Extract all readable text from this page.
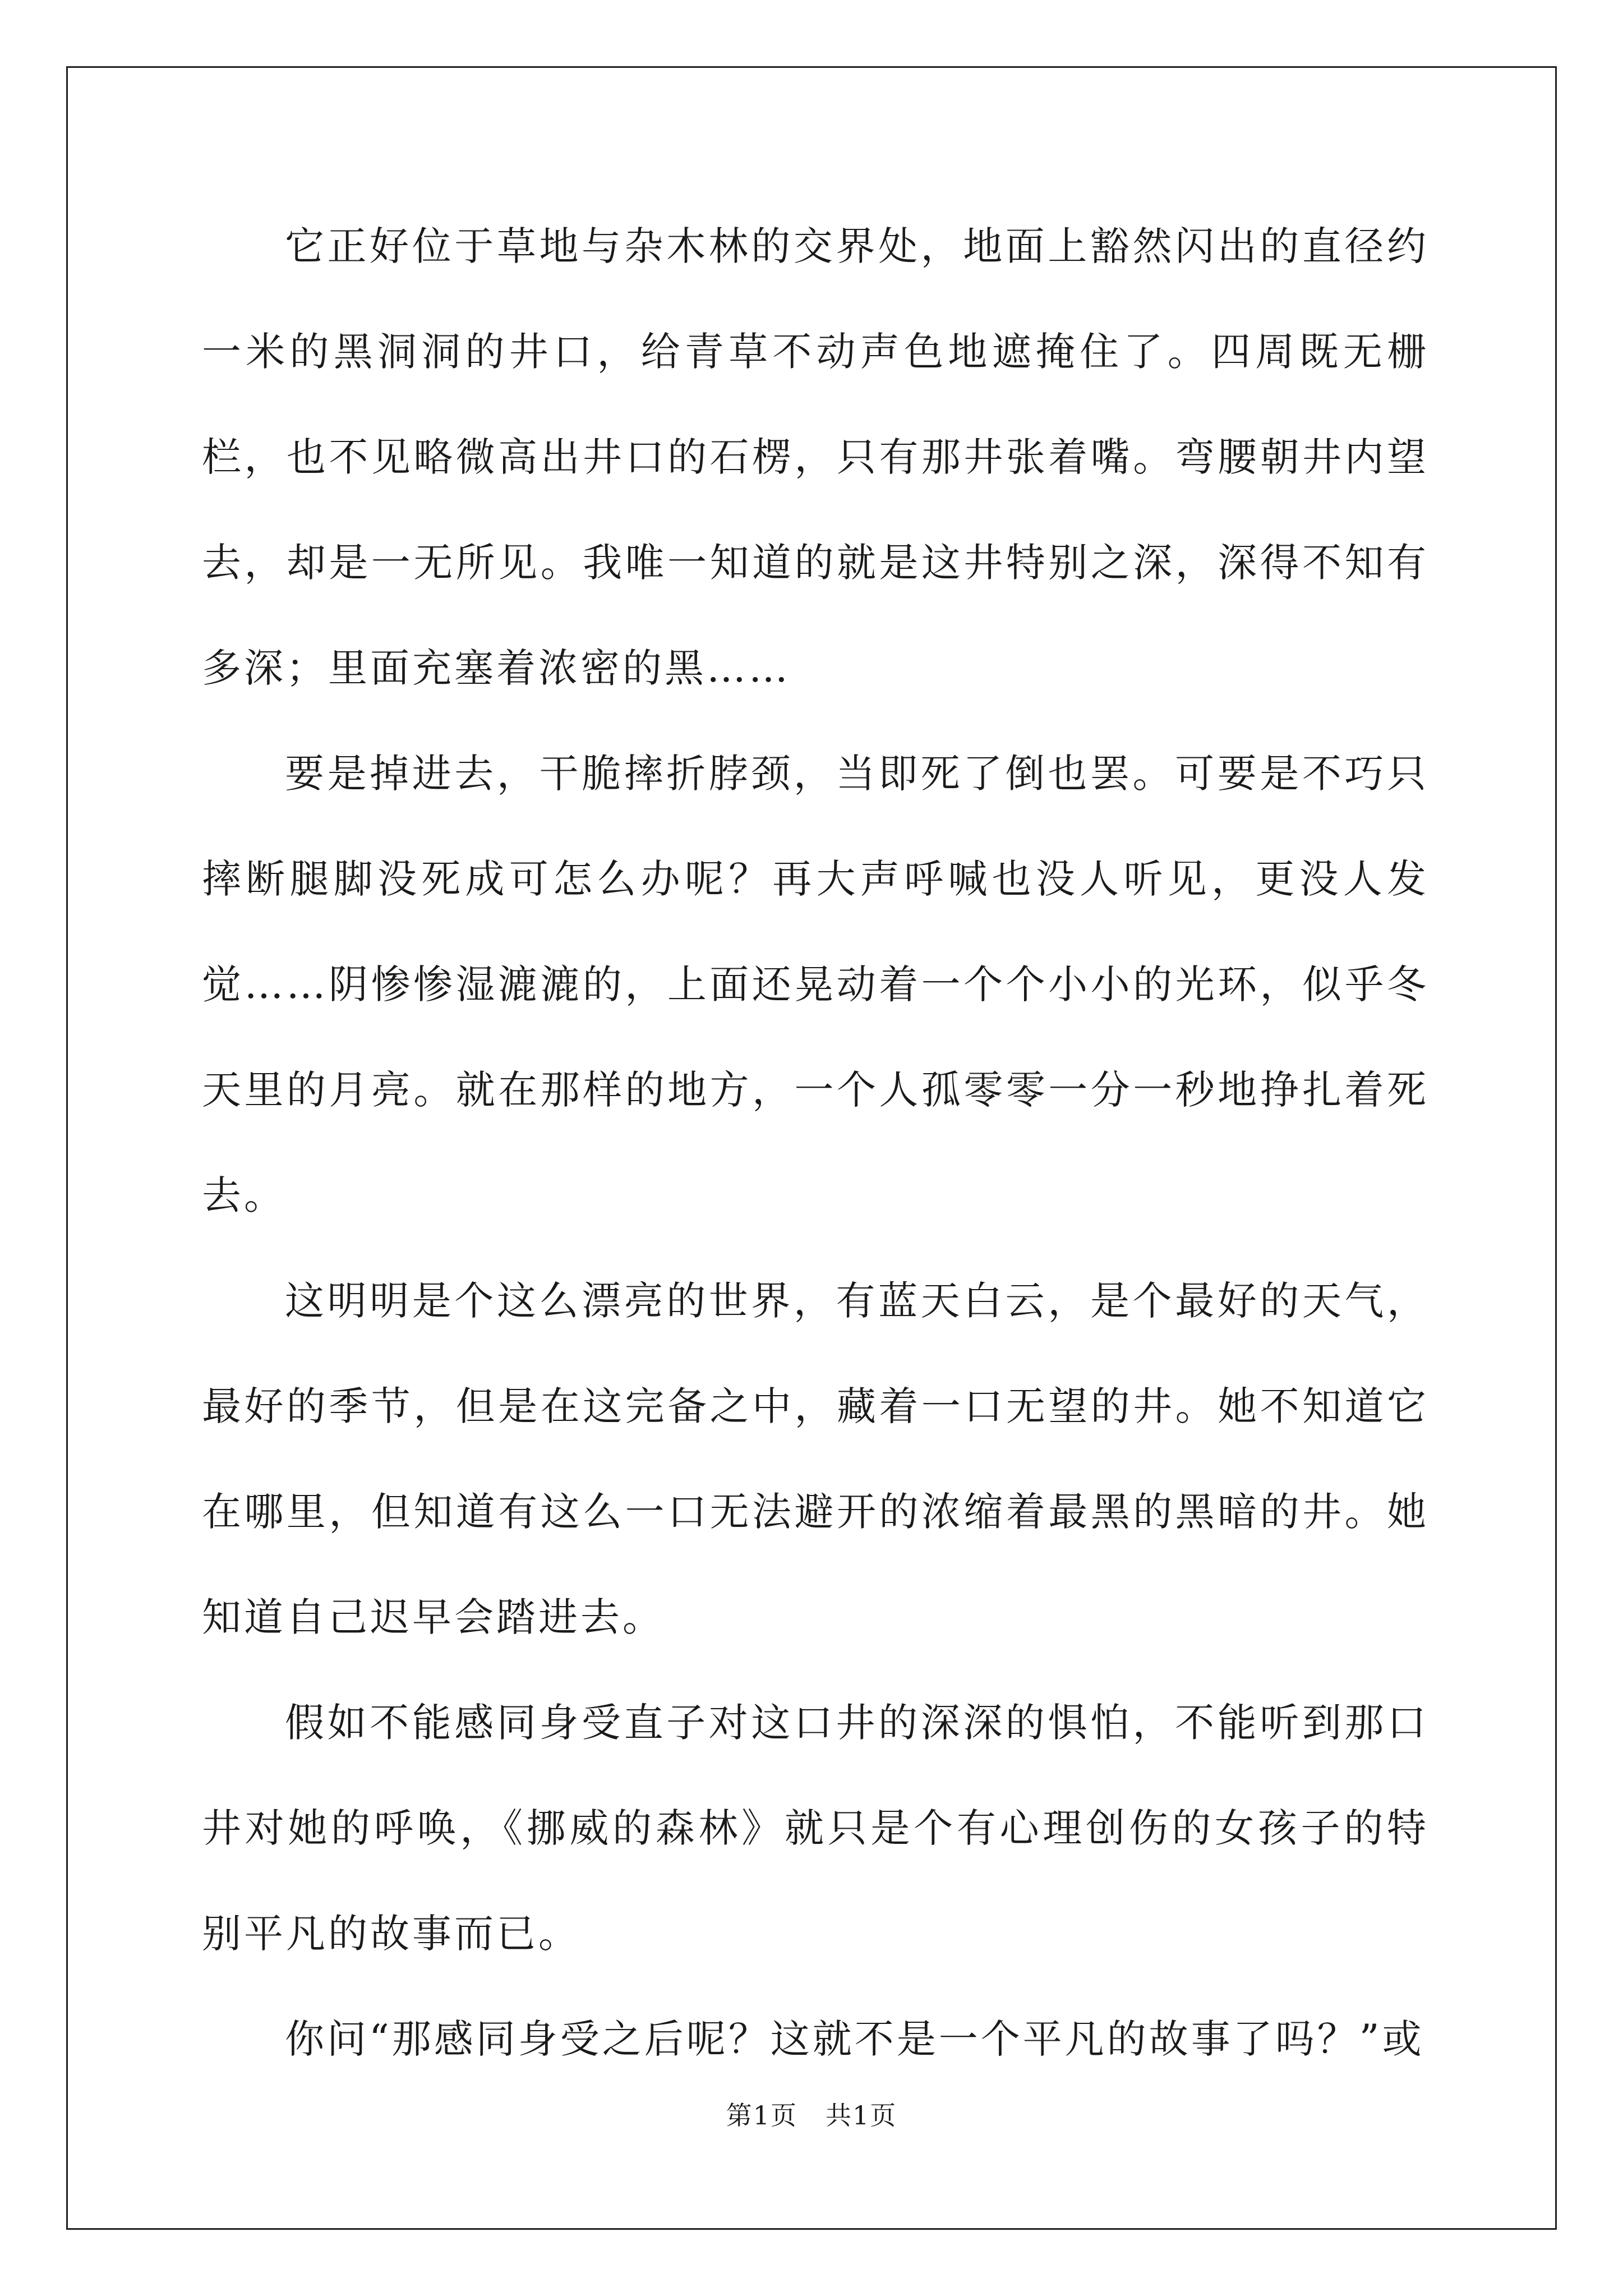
它正好位于草地与杂木林的交界处，地面上豁然闪出的直径约一米的黑洞洞的井口，给青草不动声色地遮掩住了。四周既无栅栏，也不见略微高出井口的石楞，只有那井张着嘴。弯腰朝井内望去，却是一无所见。我唯一知道的就是这井特别之深，深得不知有多深；里面充塞着浓密的黑……

要是掉进去，干脆摔折脖颈，当即死了倒也罢。可要是不巧只摔断腿脚没死成可怎么办呢？再大声呼喊也没人听见，更没人发觉……阴惨惨湿漉漉的，上面还晃动着一个个小小的光环，似乎冬天里的月亮。就在那样的地方，一个人孤零零一分一秒地挣扎着死去。

这明明是个这么漂亮的世界，有蓝天白云，是个最好的天气，最好的季节，但是在这完备之中，藏着一口无望的井。她不知道它在哪里，但知道有这么一口无法避开的浓缩着最黑的黑暗的井。她知道自己迟早会踏进去。

假如不能感同身受直子对这口井的深深的惧怕，不能听到那口井对她的呼唤，《挪威的森林》就只是个有心理创伤的女孩子的特别平凡的故事而已。

你问“那感同身受之后呢？这就不是一个平凡的故事了吗？”或

第1页 共1页
